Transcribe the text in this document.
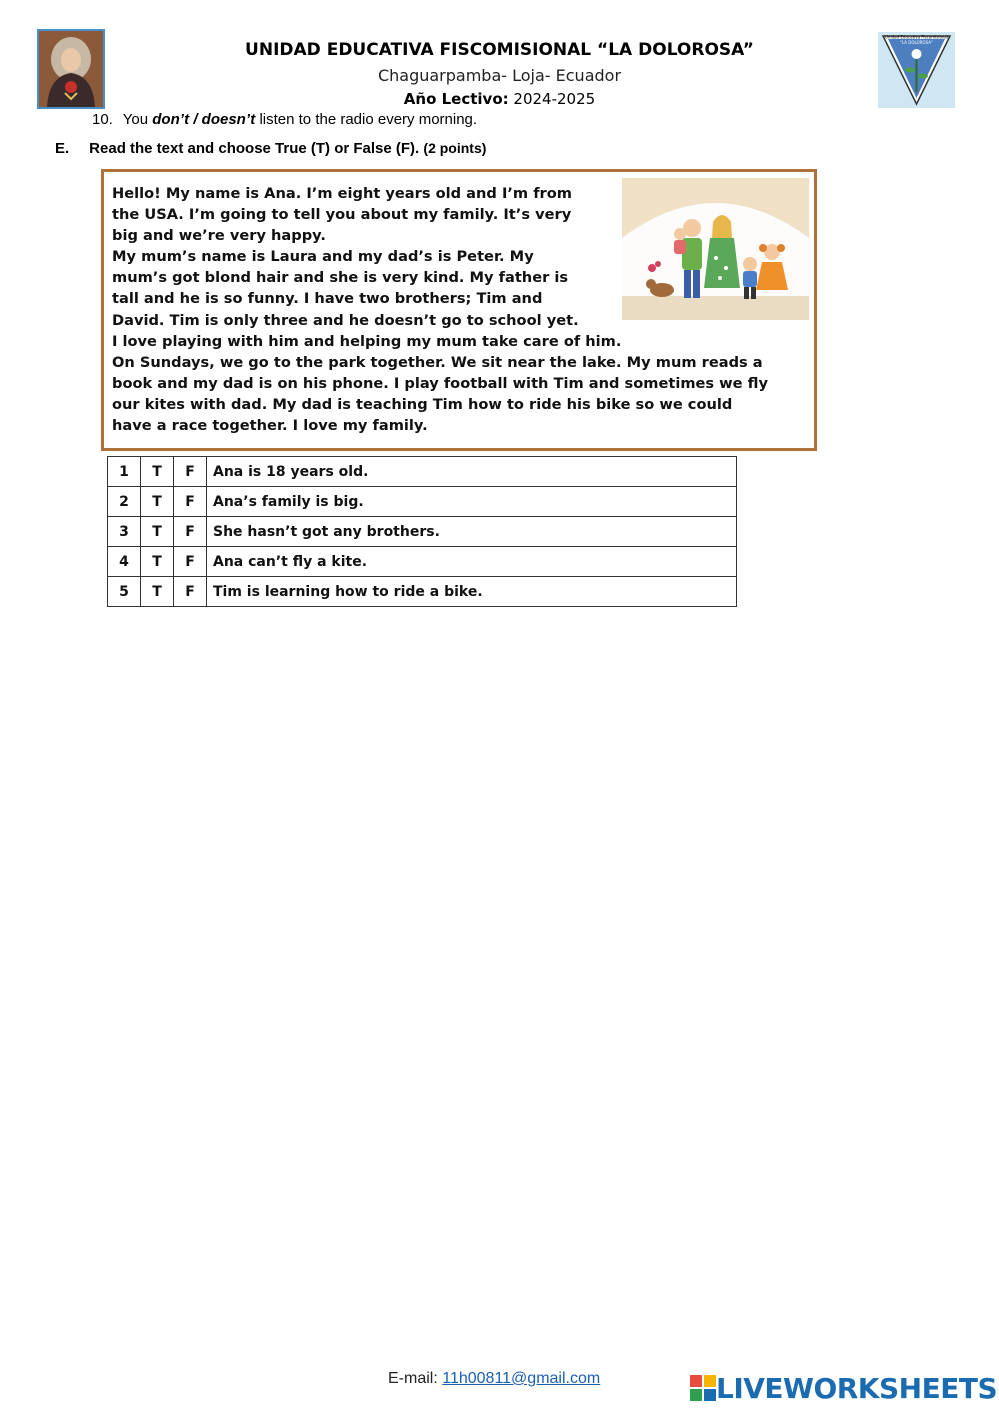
Unidad Educativa Fiscomisional
"LA DOLOROSA"
UNIDAD EDUCATIVA FISCOMISIONAL “LA DOLOROSA”
Chaguarpamba- Loja- Ecuador
Año Lectivo: 2024-2025
10. You don’t / doesn’t listen to the radio every morning.
E. Read the text and choose True (T) or False (F). (2 points)
Hello! My name is Ana. I’m eight years old and I’m from
the USA. I’m going to tell you about my family. It’s very
big and we’re very happy.
My mum’s name is Laura and my dad’s is Peter. My
mum’s got blond hair and she is very kind. My father is
tall and he is so funny. I have two brothers; Tim and
David. Tim is only three and he doesn’t go to school yet.
I love playing with him and helping my mum take care of him.
On Sundays, we go to the park together. We sit near the lake. My mum reads a
book and my dad is on his phone. I play football with Tim and sometimes we fly
our kites with dad. My dad is teaching Tim how to ride his bike so we could
have a race together. I love my family.
1	T	F	Ana is 18 years old.
2	T	F	Ana’s family is big.
3	T	F	She hasn’t got any brothers.
4	T	F	Ana can’t fly a kite.
5	T	F	Tim is learning how to ride a bike.
E-mail: 11h00811@gmail.com	LIVEWORKSHEETS
